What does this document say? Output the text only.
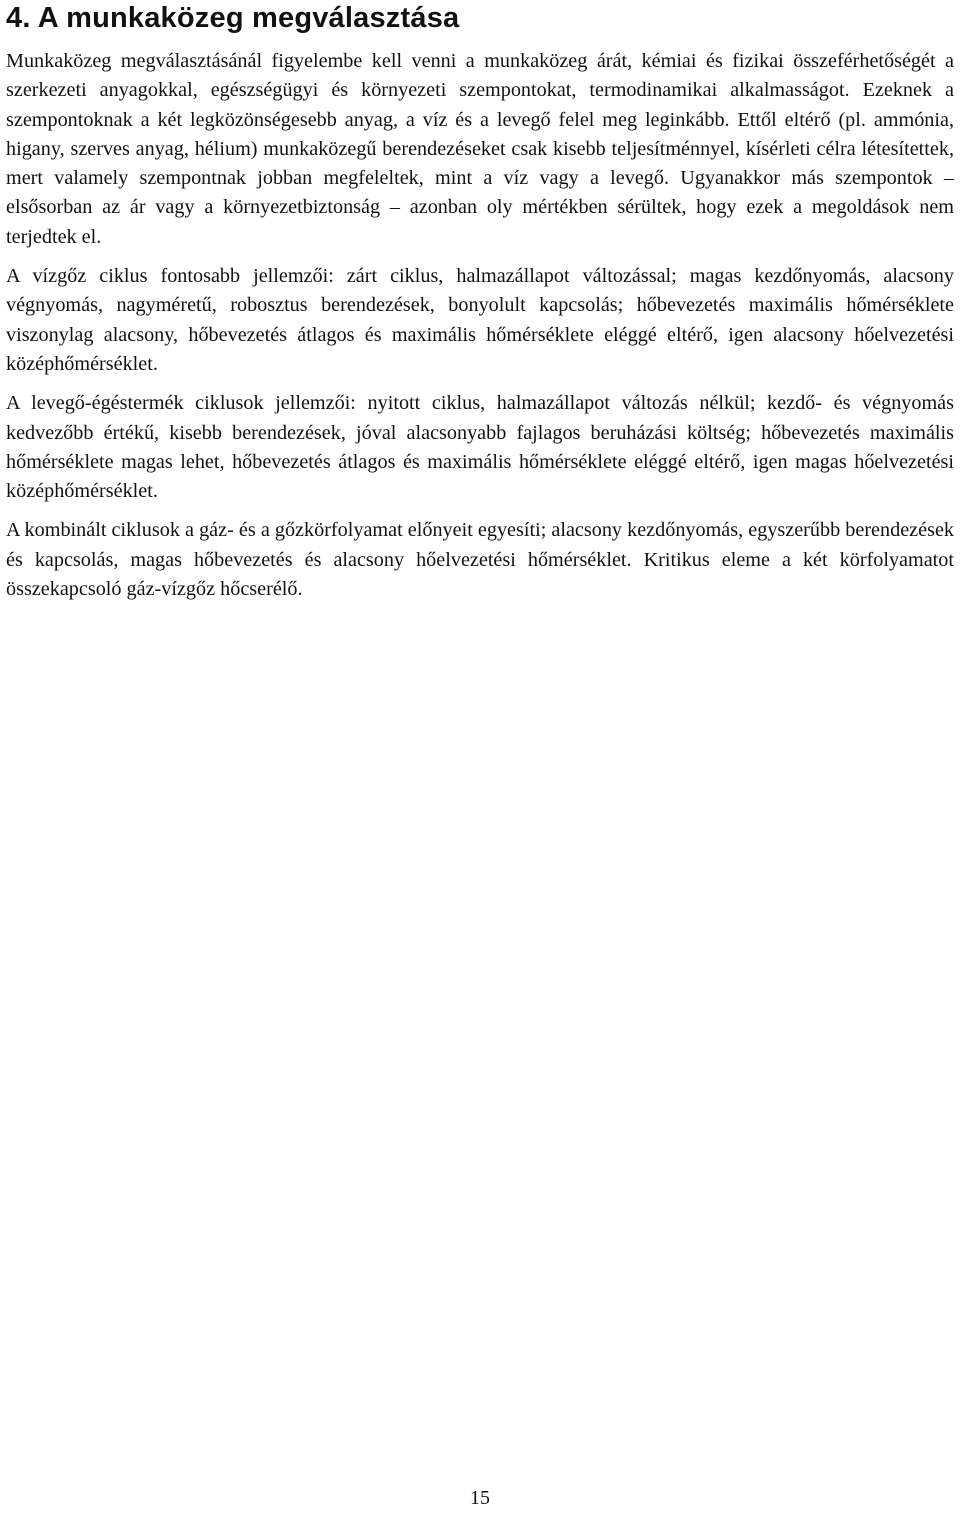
4. A munkaközeg megválasztása

Munkaközeg megválasztásánál figyelembe kell venni a munkaközeg árát, kémiai és fizikai összeférhetőségét a szerkezeti anyagokkal, egészségügyi és környezeti szempontokat, termodinamikai alkalmasságot. Ezeknek a szempontoknak a két legközönségesebb anyag, a víz és a levegő felel meg leginkább. Ettől eltérő (pl. ammónia, higany, szerves anyag, hélium) munkaközegű berendezéseket csak kisebb teljesítménnyel, kísérleti célra létesítettek, mert valamely szempontnak jobban megfeleltek, mint a víz vagy a levegő. Ugyanakkor más szempontok – elsősorban az ár vagy a környezetbiztonság – azonban oly mértékben sérültek, hogy ezek a megoldások nem terjedtek el.

A vízgőz ciklus fontosabb jellemzői: zárt ciklus, halmazállapot változással; magas kezdőnyomás, alacsony végnyomás, nagyméretű, robosztus berendezések, bonyolult kapcsolás; hőbevezetés maximális hőmérséklete viszonylag alacsony, hőbevezetés átlagos és maximális hőmérséklete eléggé eltérő, igen alacsony hőelvezetési középhőmérséklet.

A levegő-égéstermék ciklusok jellemzői: nyitott ciklus, halmazállapot változás nélkül; kezdő- és végnyomás kedvezőbb értékű, kisebb berendezések, jóval alacsonyabb fajlagos beruházási költség; hőbevezetés maximális hőmérséklete magas lehet, hőbevezetés átlagos és maximális hőmérséklete eléggé eltérő, igen magas hőelvezetési középhőmérséklet.

A kombinált ciklusok a gáz- és a gőzkörfolyamat előnyeit egyesíti; alacsony kezdőnyomás, egyszerűbb berendezések és kapcsolás, magas hőbevezetés és alacsony hőelvezetési hőmérséklet. Kritikus eleme a két körfolyamatot összekapcsoló gáz-vízgőz hőcserélő.

15
